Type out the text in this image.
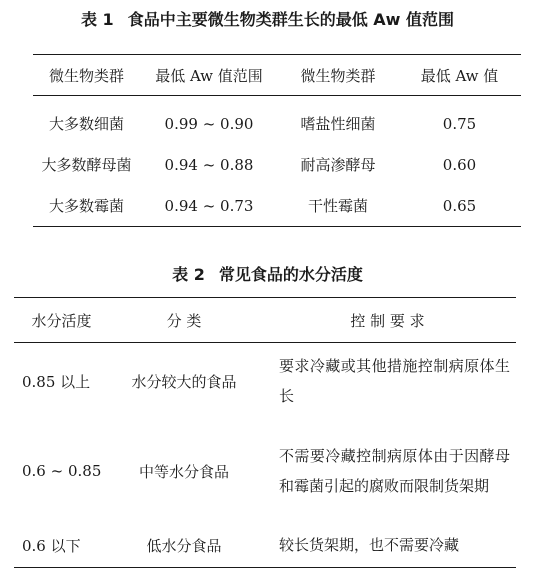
表 1 食品中主要微生物类群生长的最低 Aw 值范围
微生物类群	最低 Aw 值范围	微生物类群	最低 Aw 值
大多数细菌	0.99 ~ 0.90	嗜盐性细菌	0.75
大多数酵母菌	0.94 ~ 0.88	耐高渗酵母	0.60
大多数霉菌	0.94 ~ 0.73	干性霉菌	0.65
表 2 常见食品的水分活度
水分活度	分 类	控 制 要 求
0.85 以上	水分较大的食品	要求冷藏或其他措施控制病原体生长
0.6 ~ 0.85	中等水分食品	不需要冷藏控制病原体由于因酵母和霉菌引起的腐败而限制货架期
0.6 以下	低水分食品	较长货架期，也不需要冷藏
